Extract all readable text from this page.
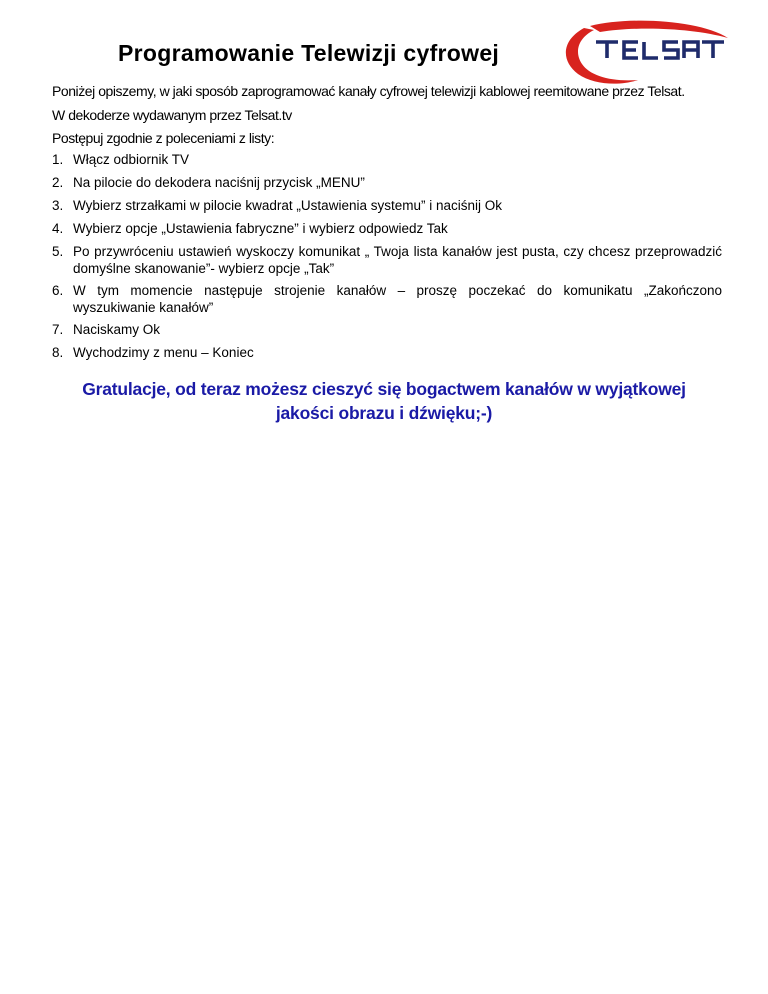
Programowanie Telewizji cyfrowej

Poniżej opiszemy, w jaki sposób zaprogramować kanały cyfrowej telewizji kablowej reemitowane przez Telsat.

W dekoderze wydawanym przez Telsat.tv

Postępuj zgodnie z poleceniami z listy:

1. Włącz odbiornik TV
2. Na pilocie do dekodera naciśnij przycisk „MENU”
3. Wybierz strzałkami w pilocie kwadrat „Ustawienia systemu” i naciśnij Ok
4. Wybierz opcje „Ustawienia fabryczne” i wybierz odpowiedz Tak
5. Po przywróceniu ustawień wyskoczy komunikat „ Twoja lista kanałów jest pusta, czy chcesz przeprowadzić domyślne skanowanie”- wybierz opcje „Tak”
6. W tym momencie następuje strojenie kanałów – proszę poczekać do komunikatu „Zakończono wyszukiwanie kanałów”
7. Naciskamy Ok
8. Wychodzimy z menu – Koniec
Gratulacje, od teraz możesz cieszyć się bogactwem kanałów w wyjątkowej
jakości obrazu i dźwięku;-)
